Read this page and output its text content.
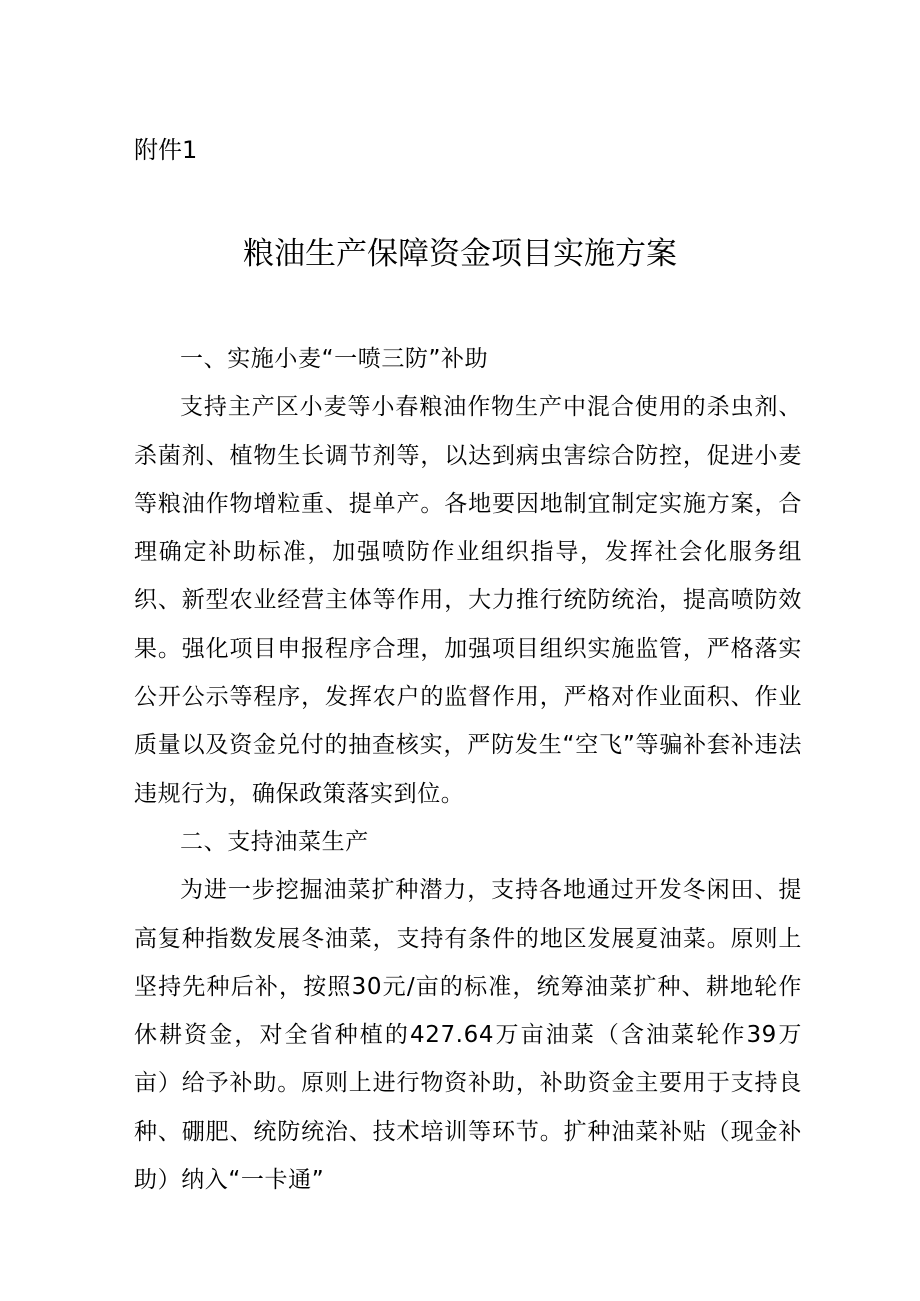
附件1
粮油生产保障资金项目实施方案

一、实施小麦“一喷三防”补助

支持主产区小麦等小春粮油作物生产中混合使用的杀虫剂、杀菌剂、植物生长调节剂等，以达到病虫害综合防控，促进小麦等粮油作物增粒重、提单产。各地要因地制宜制定实施方案，合理确定补助标准，加强喷防作业组织指导，发挥社会化服务组织、新型农业经营主体等作用，大力推行统防统治，提高喷防效果。强化项目申报程序合理，加强项目组织实施监管，严格落实公开公示等程序，发挥农户的监督作用，严格对作业面积、作业质量以及资金兑付的抽查核实，严防发生“空飞”等骗补套补违法违规行为，确保政策落实到位。

二、支持油菜生产

为进一步挖掘油菜扩种潜力，支持各地通过开发冬闲田、提高复种指数发展冬油菜，支持有条件的地区发展夏油菜。原则上坚持先种后补，按照30元/亩的标准，统筹油菜扩种、耕地轮作休耕资金，对全省种植的427.64万亩油菜（含油菜轮作39万亩）给予补助。原则上进行物资补助，补助资金主要用于支持良种、硼肥、统防统治、技术培训等环节。扩种油菜补贴（现金补助）纳入“一卡通”
